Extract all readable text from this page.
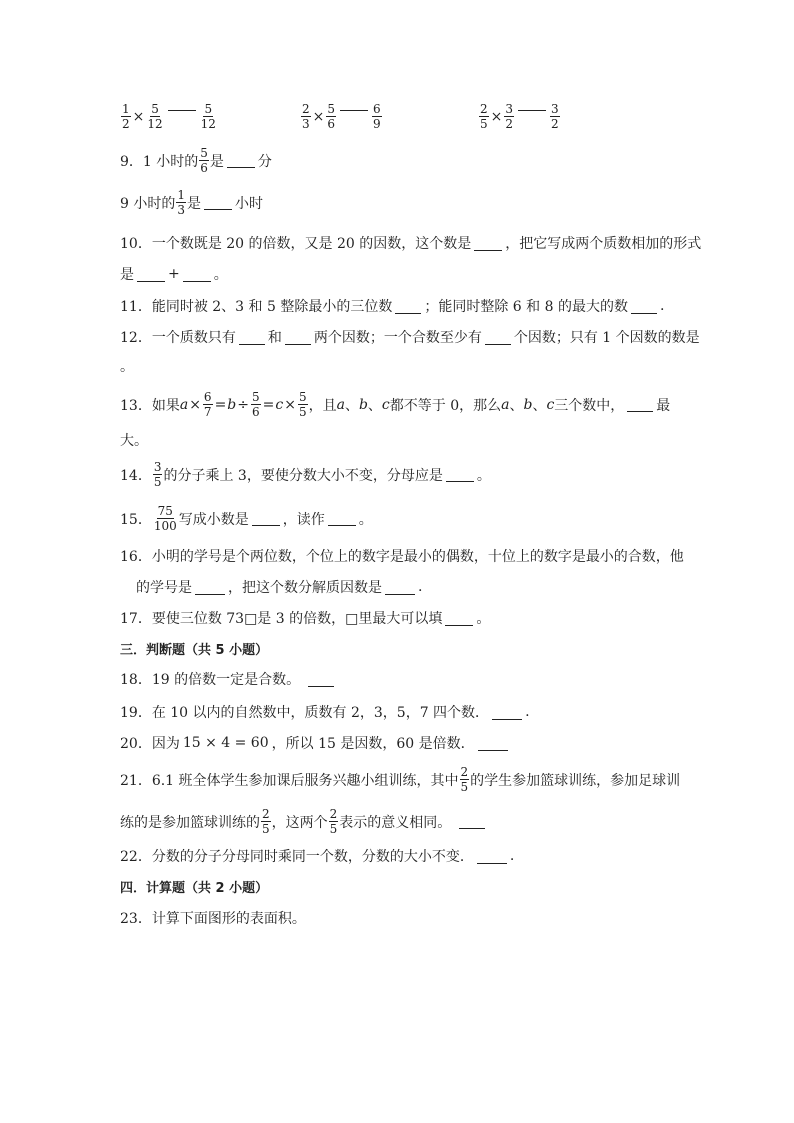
$\frac{1}{2} \times \frac{5}{12}$	$\frac{5}{12}$	$\frac{2}{3} \times \frac{5}{6}$	$\frac{6}{9}$	$\frac{2}{5} \times \frac{3}{2}$	$\frac{3}{2}$
9．1 小时的 $\frac{5}{6}$ 是 分
9 小时的 $\frac{1}{3}$ 是 小时
10．一个数既是 20 的倍数，又是 20 的因数，这个数是 ，把它写成两个质数相加的形式
是 + 。
11．能同时被 2、3 和 5 整除最小的三位数 ；能同时整除 6 和 8 的最大的数 .
12．一个质数只有 和 两个因数；一个合数至少有 个因数；只有 1 个因数的数是
。
13．如果 $a \times \frac{6}{7} = b \div \frac{5}{6} = c \times \frac{5}{5}$ ，且 a 、 b 、 c 都不等于 0，那么 a 、 b 、 c 三个数中， 最
大。
14． $\frac{3}{5}$ 的分子乘上 3，要使分数大小不变，分母应是 。
15． $\frac{75}{100}$ 写成小数是 ，读作 。
16．小明的学号是个两位数，个位上的数字是最小的偶数，十位上的数字是最小的合数，他
的学号是	，把这个数分解质因数是	.
17．要使三位数 73□是 3 的倍数，□里最大可以填 。
三．判断题（共 5 小题）
18．19 的倍数一定是合数。
19．在 10 以内的自然数中，质数有 2，3，5，7 四个数．	.
20．因为 15 × 4 = 60 ，所以 15 是因数，60 是倍数．
21．6.1 班全体学生参加课后服务兴趣小组训练，其中 $\frac{2}{5}$ 的学生参加篮球训练，参加足球训
练的是参加篮球训练的 $\frac{2}{5}$ ，这两个 $\frac{2}{5}$ 表示的意义相同。
22．分数的分子分母同时乘同一个数，分数的大小不变．	.
四．计算题（共 2 小题）
23．计算下面图形的表面积。
